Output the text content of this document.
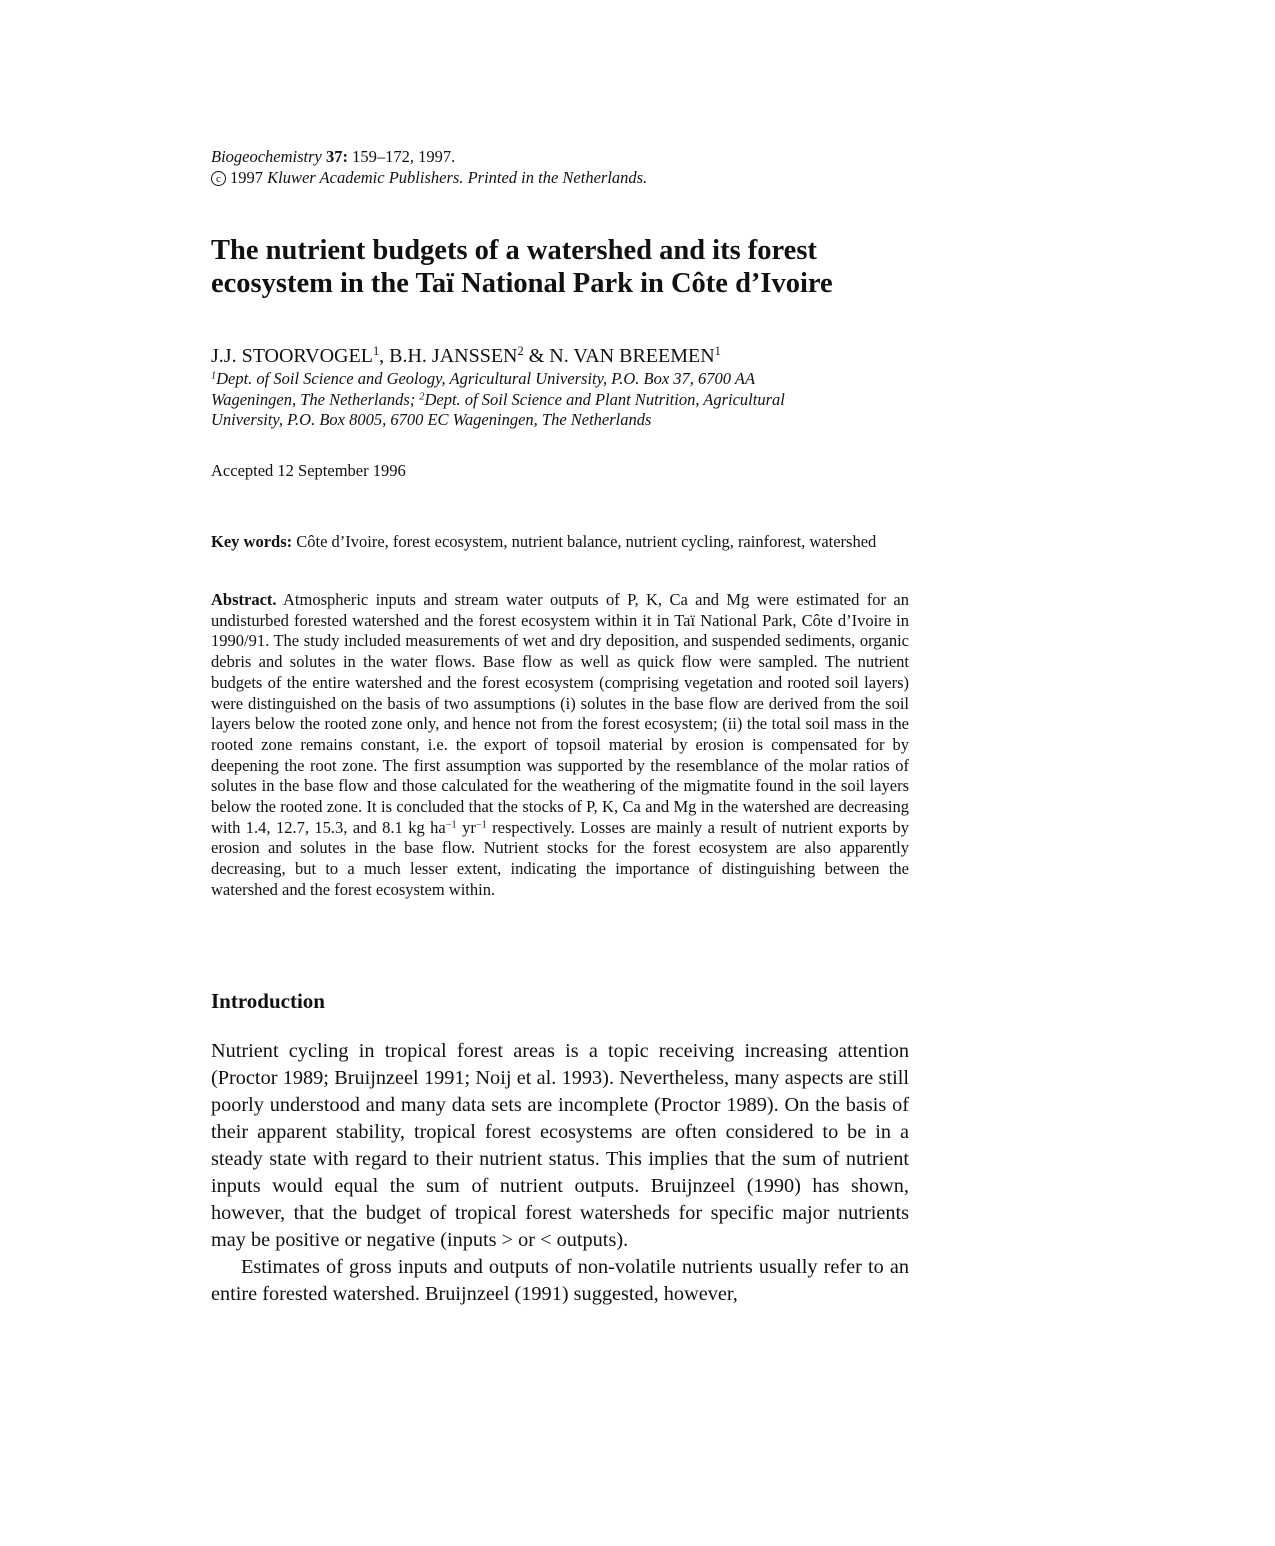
Biogeochemistry 37: 159–172, 1997.
c 1997 Kluwer Academic Publishers. Printed in the Netherlands.
The nutrient budgets of a watershed and its forest
ecosystem in the Taï National Park in Côte d’Ivoire
J.J. STOORVOGEL$^1$, B.H. JANSSEN$^2$ & N. VAN BREEMEN$^1$
$^1$Dept. of Soil Science and Geology, Agricultural University, P.O. Box 37, 6700 AA
Wageningen, The Netherlands; $^2$Dept. of Soil Science and Plant Nutrition, Agricultural
University, P.O. Box 8005, 6700 EC Wageningen, The Netherlands
Accepted 12 September 1996
Key words: Côte d’Ivoire, forest ecosystem, nutrient balance, nutrient cycling, rainforest, watershed

Abstract. Atmospheric inputs and stream water outputs of P, K, Ca and Mg were estimated for an undisturbed forested watershed and the forest ecosystem within it in Taï National Park, Côte d’Ivoire in 1990/91. The study included measurements of wet and dry deposition, and suspended sediments, organic debris and solutes in the water flows. Base flow as well as quick flow were sampled. The nutrient budgets of the entire watershed and the forest ecosystem (comprising vegetation and rooted soil layers) were distinguished on the basis of two assumptions (i) solutes in the base flow are derived from the soil layers below the rooted zone only, and hence not from the forest ecosystem; (ii) the total soil mass in the rooted zone remains constant, i.e. the export of topsoil material by erosion is compensated for by deepening the root zone. The first assumption was supported by the resemblance of the molar ratios of solutes in the base flow and those calculated for the weathering of the migmatite found in the soil layers below the rooted zone. It is concluded that the stocks of P, K, Ca and Mg in the watershed are decreasing with 1.4, 12.7, 15.3, and 8.1 kg $ha^{-1}$ $yr^{-1}$ respectively. Losses are mainly a result of nutrient exports by erosion and solutes in the base flow. Nutrient stocks for the forest ecosystem are also apparently decreasing, but to a much lesser extent, indicating the importance of distinguishing between the watershed and the forest ecosystem within.

Introduction

Nutrient cycling in tropical forest areas is a topic receiving increasing attention (Proctor 1989; Bruijnzeel 1991; Noij et al. 1993). Nevertheless, many aspects are still poorly understood and many data sets are incomplete (Proctor 1989). On the basis of their apparent stability, tropical forest ecosystems are often considered to be in a steady state with regard to their nutrient status. This implies that the sum of nutrient inputs would equal the sum of nutrient outputs. Bruijnzeel (1990) has shown, however, that the budget of tropical forest watersheds for specific major nutrients may be positive or negative (inputs > or < outputs).

Estimates of gross inputs and outputs of non-volatile nutrients usually refer to an entire forested watershed. Bruijnzeel (1991) suggested, however,
